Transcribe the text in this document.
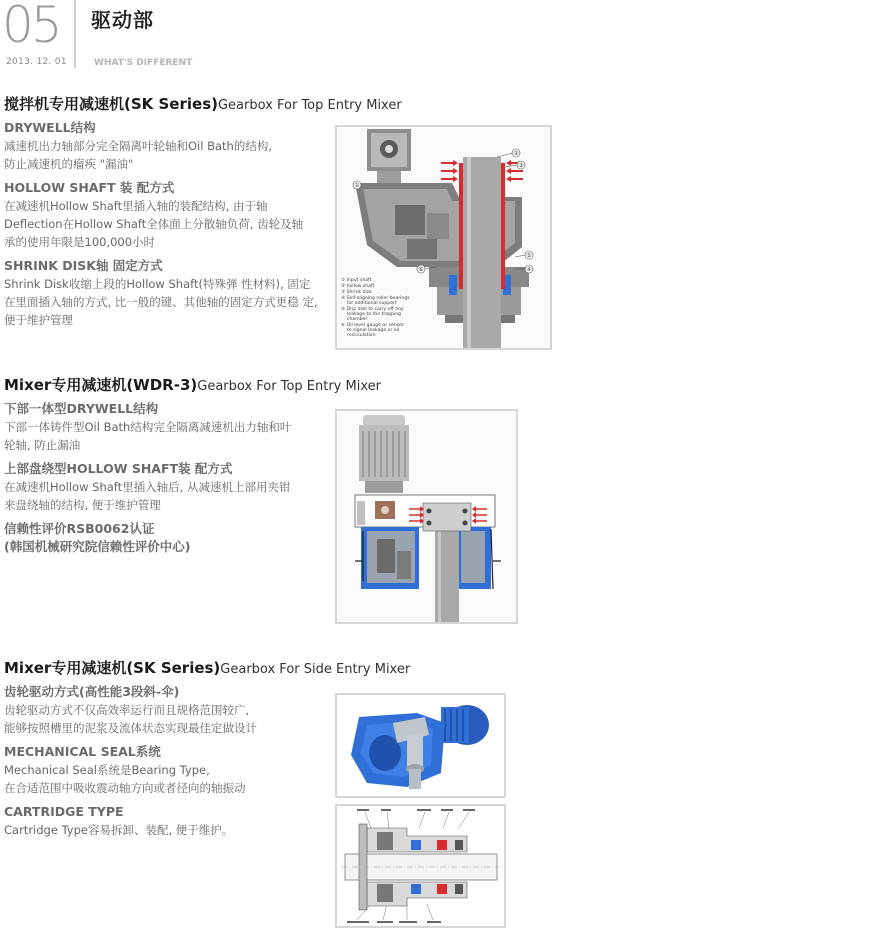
05
2013. 12. 01
驱动部
WHAT'S DIFFERENT
搅拌机专用减速机(SK Series)Gearbox For Top Entry Mixer
DRYWELL结构

减速机出力轴部分完全隔离叶轮轴和Oil Bath的结构,
防止减速机的瘤疾 "漏油"

HOLLOW SHAFT 装 配方式

在减速机Hollow Shaft里插入轴的装配结构, 由于轴
Deflection在Hollow Shaft全体面上分散轴负荷, 齿轮及轴
承的使用年限是100,000小时

SHRINK DISK轴 固定方式

Shrink Disk收缩上段的Hollow Shaft(特殊弹 性材料), 固定
在里面插入轴的方式, 比一般的键、其他轴的固定方式更稳 定,
便于维护管理

②
③
⑤
④
⑥
①
① Input shaft
② hollow shaft
③ Shrink disk
④ Self-aligning roller bearings
for additional support
⑤ Drip disk to carry off any
leakage to the trapping
chamber
⑥ Oil level gauge or sensor
to signal leakage or oil
recirculation
Mixer专用减速机(WDR-3)Gearbox For Top Entry Mixer
下部一体型DRYWELL结构

下部一体铸件型Oil Bath结构完全隔离减速机出力轴和叶
轮轴, 防止漏油

上部盘绕型HOLLOW SHAFT装 配方式

在减速机Hollow Shaft里插入轴后, 从减速机上部用夹钳
来盘绕轴的结构, 便于维护管理

信赖性评价RSB0062认证
(韩国机械研究院信赖性评价中心)
Mixer专用减速机(SK Series)Gearbox For Side Entry Mixer
齿轮驱动方式(高性能3段斜-伞)

齿轮驱动方式不仅高效率运行而且规格范围较广,
能够按照槽里的泥浆及流体状态实现最佳定做设计

MECHANICAL SEAL系统

Mechanical Seal系统是Bearing Type,
在合适范围中吸收震动轴方向或者径向的轴振动

CARTRIDGE TYPE

Cartridge Type容易拆卸、装配, 便于维护。
